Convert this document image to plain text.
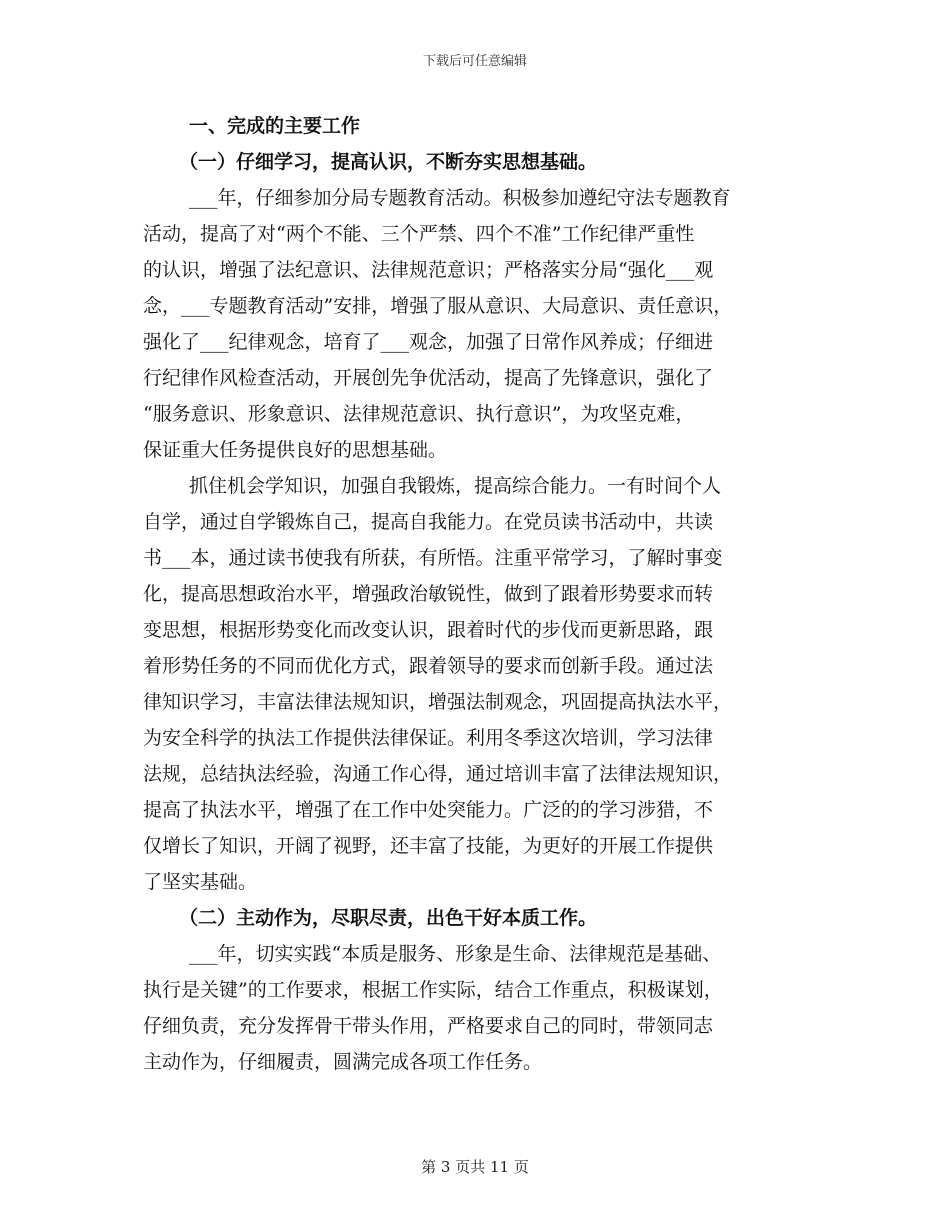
下载后可任意编辑
一、完成的主要工作
（一）仔细学习，提高认识，不断夯实思想基础。

___年，仔细参加分局专题教育活动。积极参加遵纪守法专题教育
活动，提高了对“两个不能、三个严禁、四个不准”工作纪律严重性
的认识，增强了法纪意识、法律规范意识；严格落实分局“强化___观
念，___专题教育活动”安排，增强了服从意识、大局意识、责任意识，
强化了___纪律观念，培育了___观念，加强了日常作风养成；仔细进
行纪律作风检查活动，开展创先争优活动，提高了先锋意识，强化了
“服务意识、形象意识、法律规范意识、执行意识”，为攻坚克难，
保证重大任务提供良好的思想基础。

抓住机会学知识，加强自我锻炼，提高综合能力。一有时间个人
自学，通过自学锻炼自己，提高自我能力。在党员读书活动中，共读
书___本，通过读书使我有所获，有所悟。注重平常学习，了解时事变
化，提高思想政治水平，增强政治敏锐性，做到了跟着形势要求而转
变思想，根据形势变化而改变认识，跟着时代的步伐而更新思路，跟
着形势任务的不同而优化方式，跟着领导的要求而创新手段。通过法
律知识学习，丰富法律法规知识，增强法制观念，巩固提高执法水平，
为安全科学的执法工作提供法律保证。利用冬季这次培训，学习法律
法规，总结执法经验，沟通工作心得，通过培训丰富了法律法规知识，
提高了执法水平，增强了在工作中处突能力。广泛的的学习涉猎，不
仅增长了知识，开阔了视野，还丰富了技能，为更好的开展工作提供
了坚实基础。

（二）主动作为，尽职尽责，出色干好本质工作。

___年，切实实践“本质是服务、形象是生命、法律规范是基础、
执行是关键”的工作要求，根据工作实际，结合工作重点，积极谋划，
仔细负责，充分发挥骨干带头作用，严格要求自己的同时，带领同志
主动作为，仔细履责，圆满完成各项工作任务。

第 3 页共 11 页
